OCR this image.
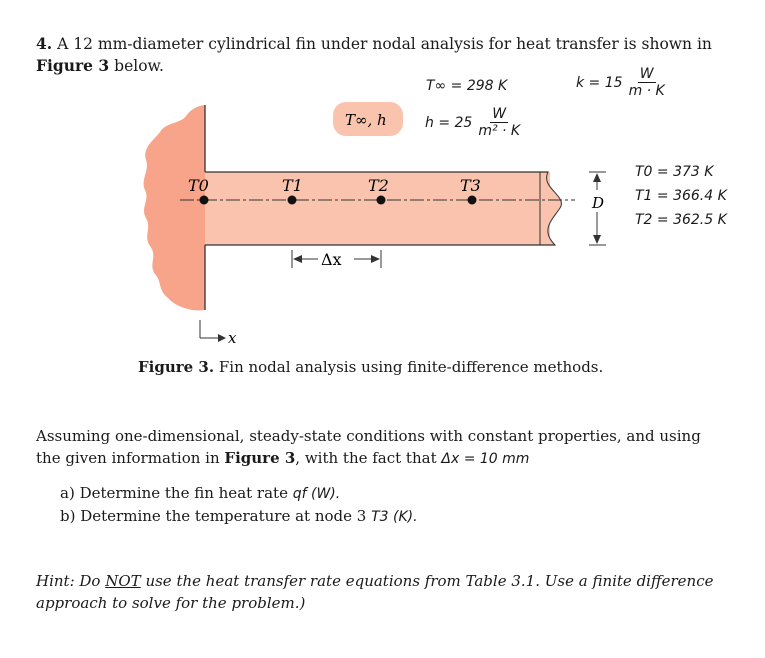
4. A 12 mm-diameter cylindrical fin under nodal analysis for heat transfer is shown in
Figure 3 below.
T0	T1	T2	T3
T∞, h
Δx
D
x
T∞ = 298 K
$h = 25 \frac{W}{\text{m² · K}}$
$k = 15 \frac{W}{m \cdot K}$
T0 = 373 K
T1 = 366.4 K
T2 = 362.5 K
Figure 3. Fin nodal analysis using finite-difference methods.
Assuming one-dimensional, steady-state conditions with constant properties, and using
the given information in Figure 3, with the fact that Δx = 10 mm
a) Determine the fin heat rate qf (W).
b) Determine the temperature at node 3 T3 (K).
Hint: Do NOT use the heat transfer rate equations from Table 3.1. Use a finite difference
approach to solve for the problem.)
